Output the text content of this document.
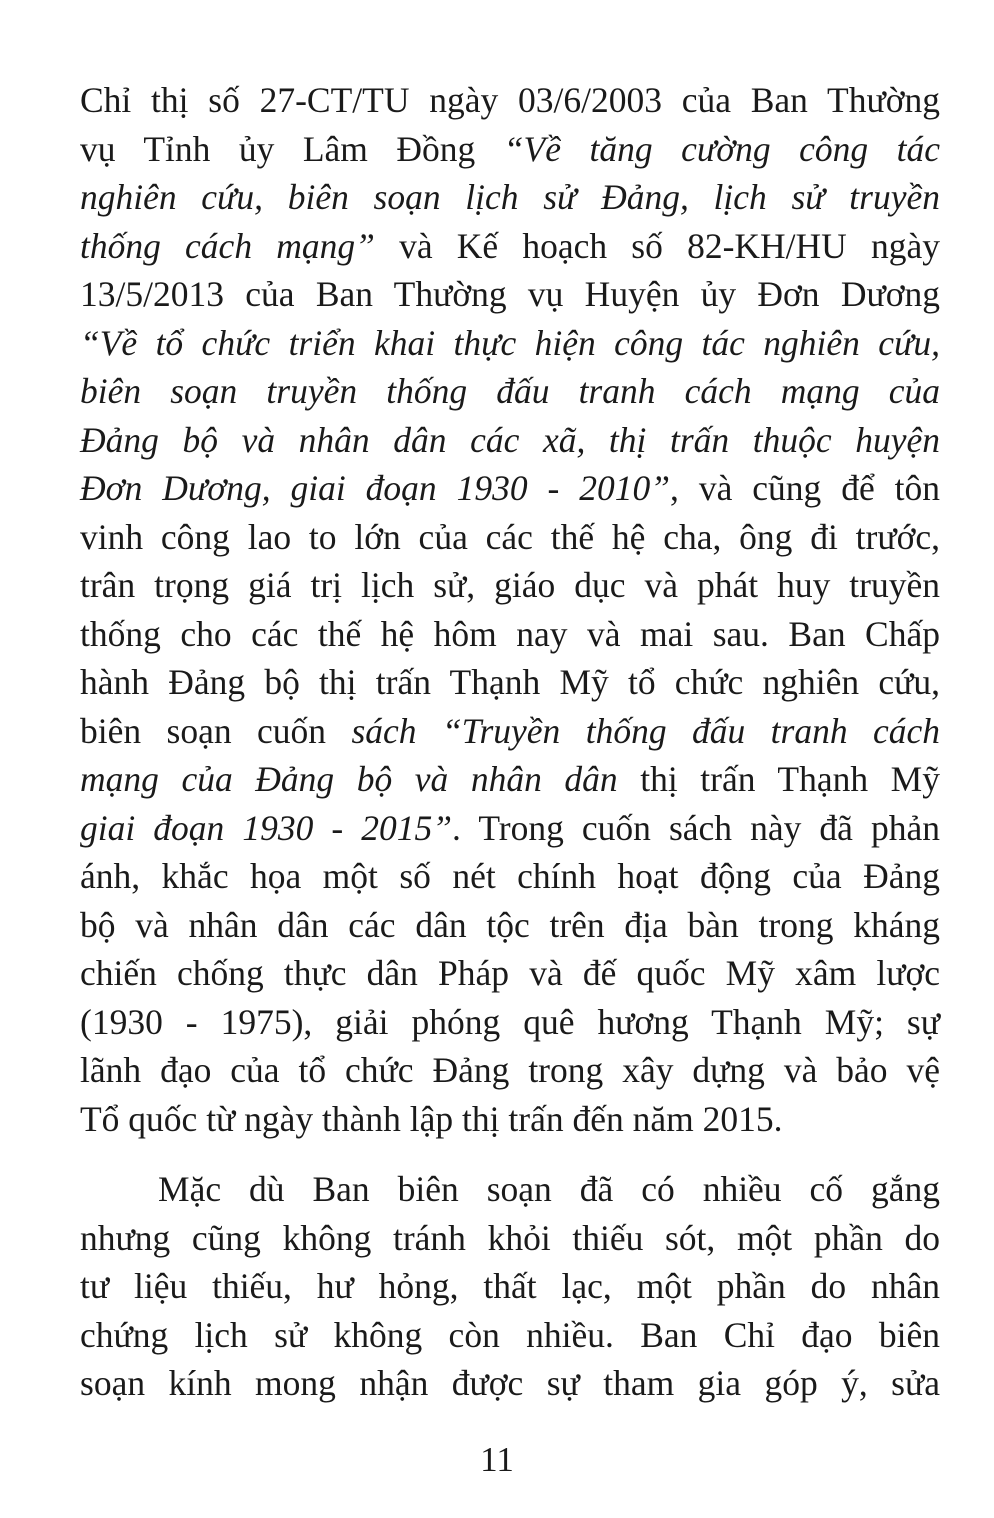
Chỉ thị số 27-CT/TU ngày 03/6/2003 của Ban Thường
vụ Tỉnh ủy Lâm Đồng “Về tăng cường công tác
nghiên cứu, biên soạn lịch sử Đảng, lịch sử truyền
thống cách mạng” và Kế hoạch số 82-KH/HU ngày
13/5/2013 của Ban Thường vụ Huyện ủy Đơn Dương
“Về tổ chức triển khai thực hiện công tác nghiên cứu,
biên soạn truyền thống đấu tranh cách mạng của
Đảng bộ và nhân dân các xã, thị trấn thuộc huyện
Đơn Dương, giai đoạn 1930 - 2010”, và cũng để tôn
vinh công lao to lớn của các thế hệ cha, ông đi trước,
trân trọng giá trị lịch sử, giáo dục và phát huy truyền
thống cho các thế hệ hôm nay và mai sau. Ban Chấp
hành Đảng bộ thị trấn Thạnh Mỹ tổ chức nghiên cứu,
biên soạn cuốn sách “Truyền thống đấu tranh cách
mạng của Đảng bộ và nhân dân thị trấn Thạnh Mỹ
giai đoạn 1930 - 2015”. Trong cuốn sách này đã phản
ánh, khắc họa một số nét chính hoạt động của Đảng
bộ và nhân dân các dân tộc trên địa bàn trong kháng
chiến chống thực dân Pháp và đế quốc Mỹ xâm lược
(1930 - 1975), giải phóng quê hương Thạnh Mỹ; sự
lãnh đạo của tổ chức Đảng trong xây dựng và bảo vệ
Tổ quốc từ ngày thành lập thị trấn đến năm 2015.
Mặc dù Ban biên soạn đã có nhiều cố gắng
nhưng cũng không tránh khỏi thiếu sót, một phần do
tư liệu thiếu, hư hỏng, thất lạc, một phần do nhân
chứng lịch sử không còn nhiều. Ban Chỉ đạo biên
soạn kính mong nhận được sự tham gia góp ý, sửa
11
